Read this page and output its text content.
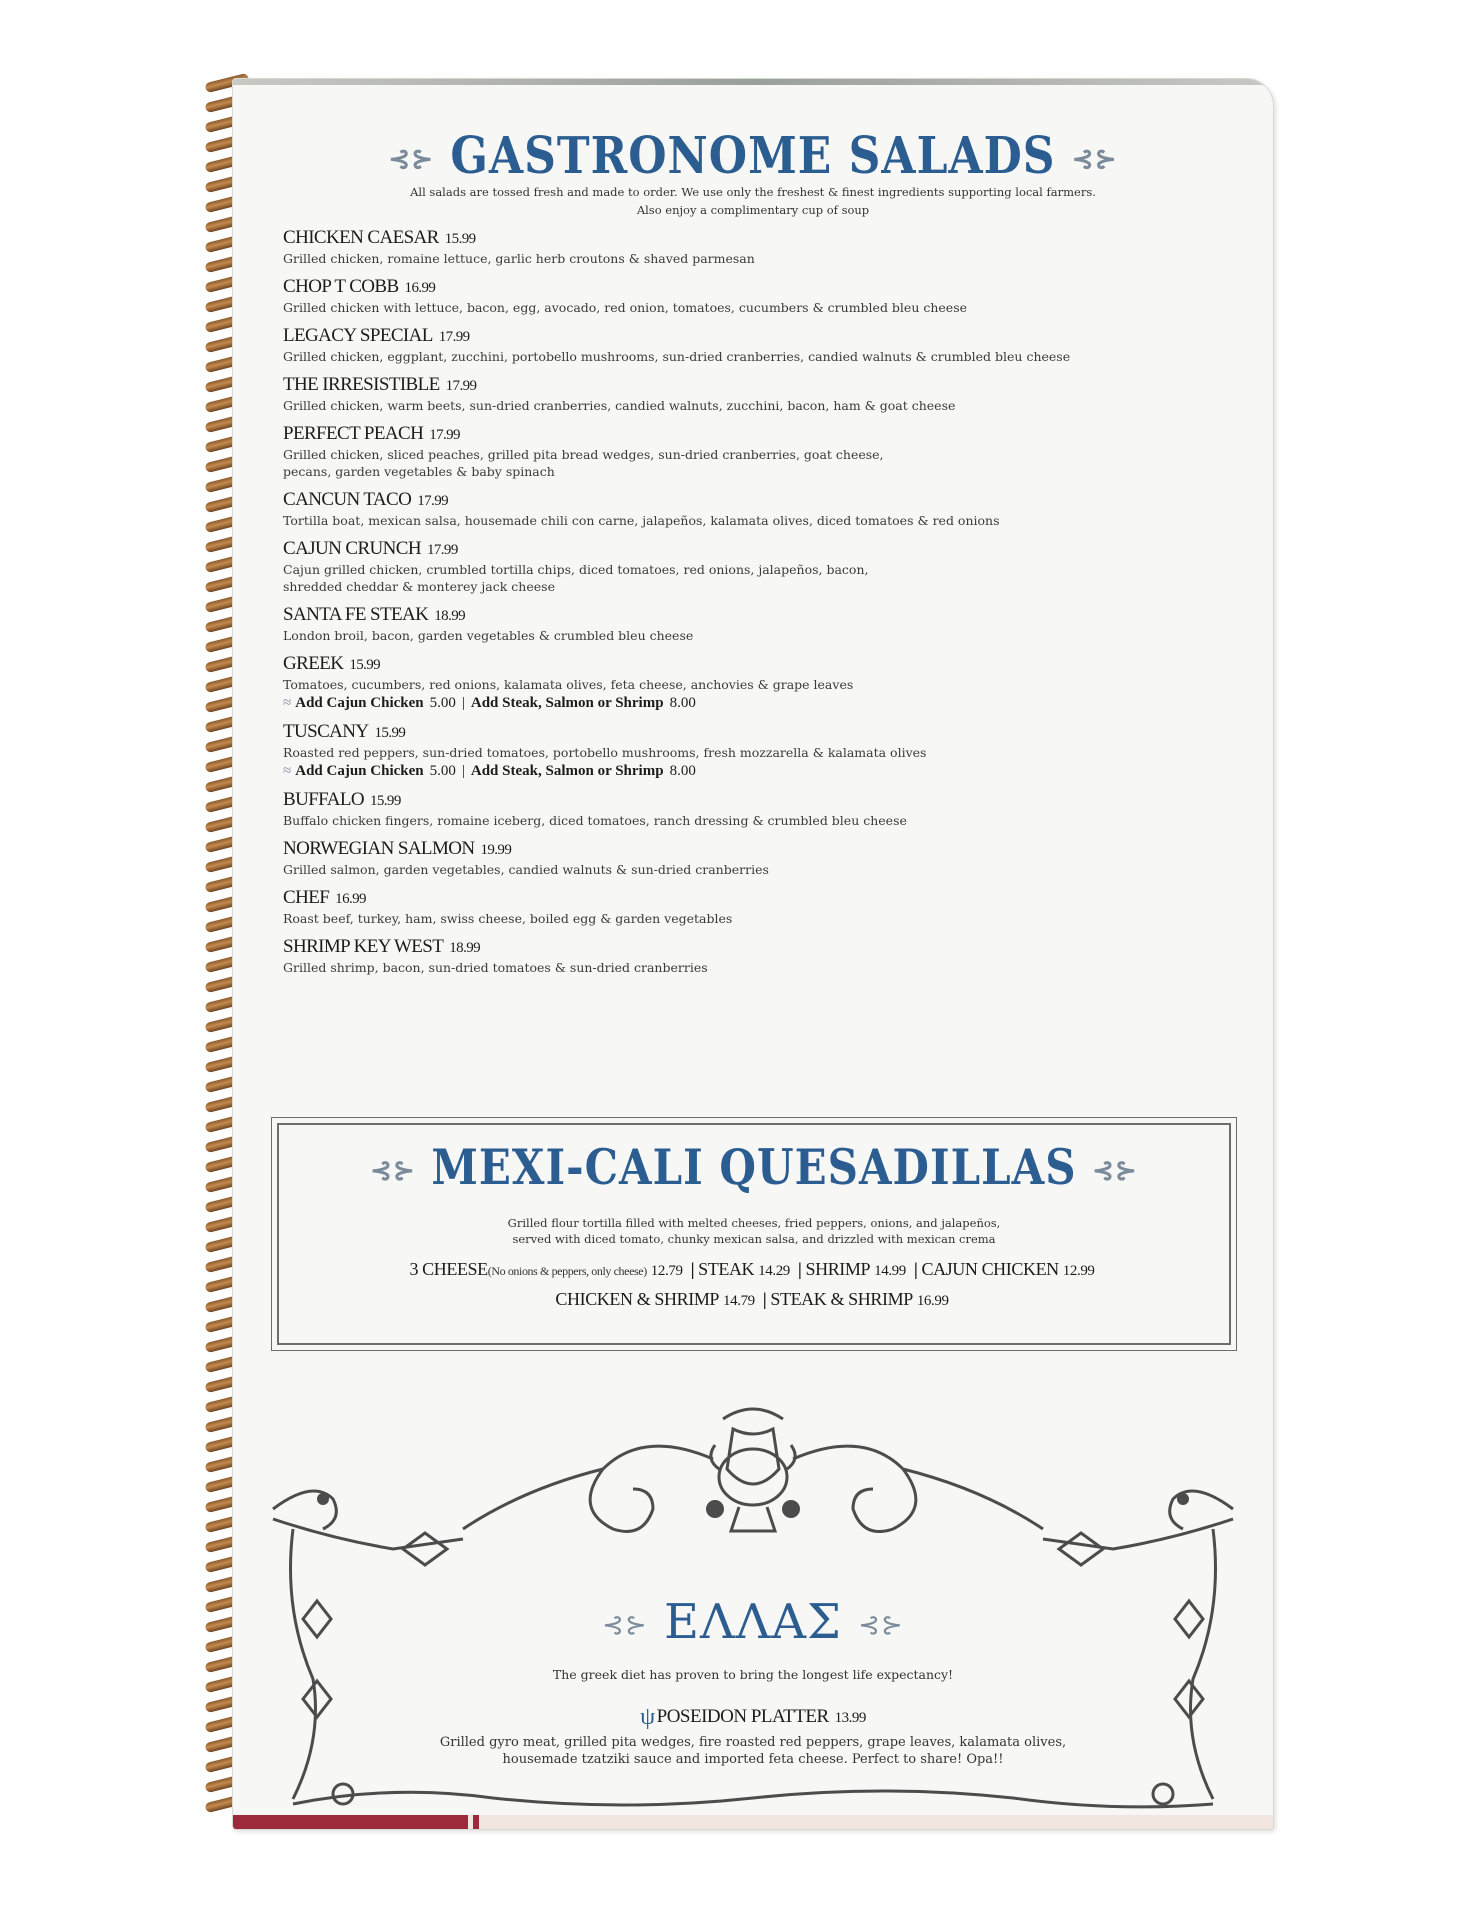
⊰⊱ GASTRONOME SALADS ⊰⊱
All salads are tossed fresh and made to order. We use only the freshest & finest ingredients supporting local farmers.
Also enjoy a complimentary cup of soup
CHICKEN CAESAR 15.99
Grilled chicken, romaine lettuce, garlic herb croutons & shaved parmesan
CHOP T COBB 16.99
Grilled chicken with lettuce, bacon, egg, avocado, red onion, tomatoes, cucumbers & crumbled bleu cheese
LEGACY SPECIAL 17.99
Grilled chicken, eggplant, zucchini, portobello mushrooms, sun-dried cranberries, candied walnuts & crumbled bleu cheese
THE IRRESISTIBLE 17.99
Grilled chicken, warm beets, sun-dried cranberries, candied walnuts, zucchini, bacon, ham & goat cheese
PERFECT PEACH 17.99
Grilled chicken, sliced peaches, grilled pita bread wedges, sun-dried cranberries, goat cheese,
pecans, garden vegetables & baby spinach
CANCUN TACO 17.99
Tortilla boat, mexican salsa, housemade chili con carne, jalapeños, kalamata olives, diced tomatoes & red onions
CAJUN CRUNCH 17.99
Cajun grilled chicken, crumbled tortilla chips, diced tomatoes, red onions, jalapeños, bacon,
shredded cheddar & monterey jack cheese
SANTA FE STEAK 18.99
London broil, bacon, garden vegetables & crumbled bleu cheese
GREEK 15.99
Tomatoes, cucumbers, red onions, kalamata olives, feta cheese, anchovies & grape leaves
≈ Add Cajun Chicken 5.00 | Add Steak, Salmon or Shrimp 8.00
TUSCANY 15.99
Roasted red peppers, sun-dried tomatoes, portobello mushrooms, fresh mozzarella & kalamata olives
≈ Add Cajun Chicken 5.00 | Add Steak, Salmon or Shrimp 8.00
BUFFALO 15.99
Buffalo chicken fingers, romaine iceberg, diced tomatoes, ranch dressing & crumbled bleu cheese
NORWEGIAN SALMON 19.99
Grilled salmon, garden vegetables, candied walnuts & sun-dried cranberries
CHEF 16.99
Roast beef, turkey, ham, swiss cheese, boiled egg & garden vegetables
SHRIMP KEY WEST 18.99
Grilled shrimp, bacon, sun-dried tomatoes & sun-dried cranberries
⊰⊱ MEXI-CALI QUESADILLAS ⊰⊱
Grilled flour tortilla filled with melted cheeses, fried peppers, onions, and jalapeños,
served with diced tomato, chunky mexican salsa, and drizzled with mexican crema
3 CHEESE(No onions & peppers, only cheese) 12.79 | STEAK 14.29 | SHRIMP 14.99 | CAJUN CHICKEN 12.99
CHICKEN & SHRIMP 14.79 | STEAK & SHRIMP 16.99
⊰⊱ ΕΛΛΑΣ ⊰⊱
The greek diet has proven to bring the longest life expectancy!
ψ POSEIDON PLATTER 13.99
Grilled gyro meat, grilled pita wedges, fire roasted red peppers, grape leaves, kalamata olives,
housemade tzatziki sauce and imported feta cheese. Perfect to share! Opa!!
